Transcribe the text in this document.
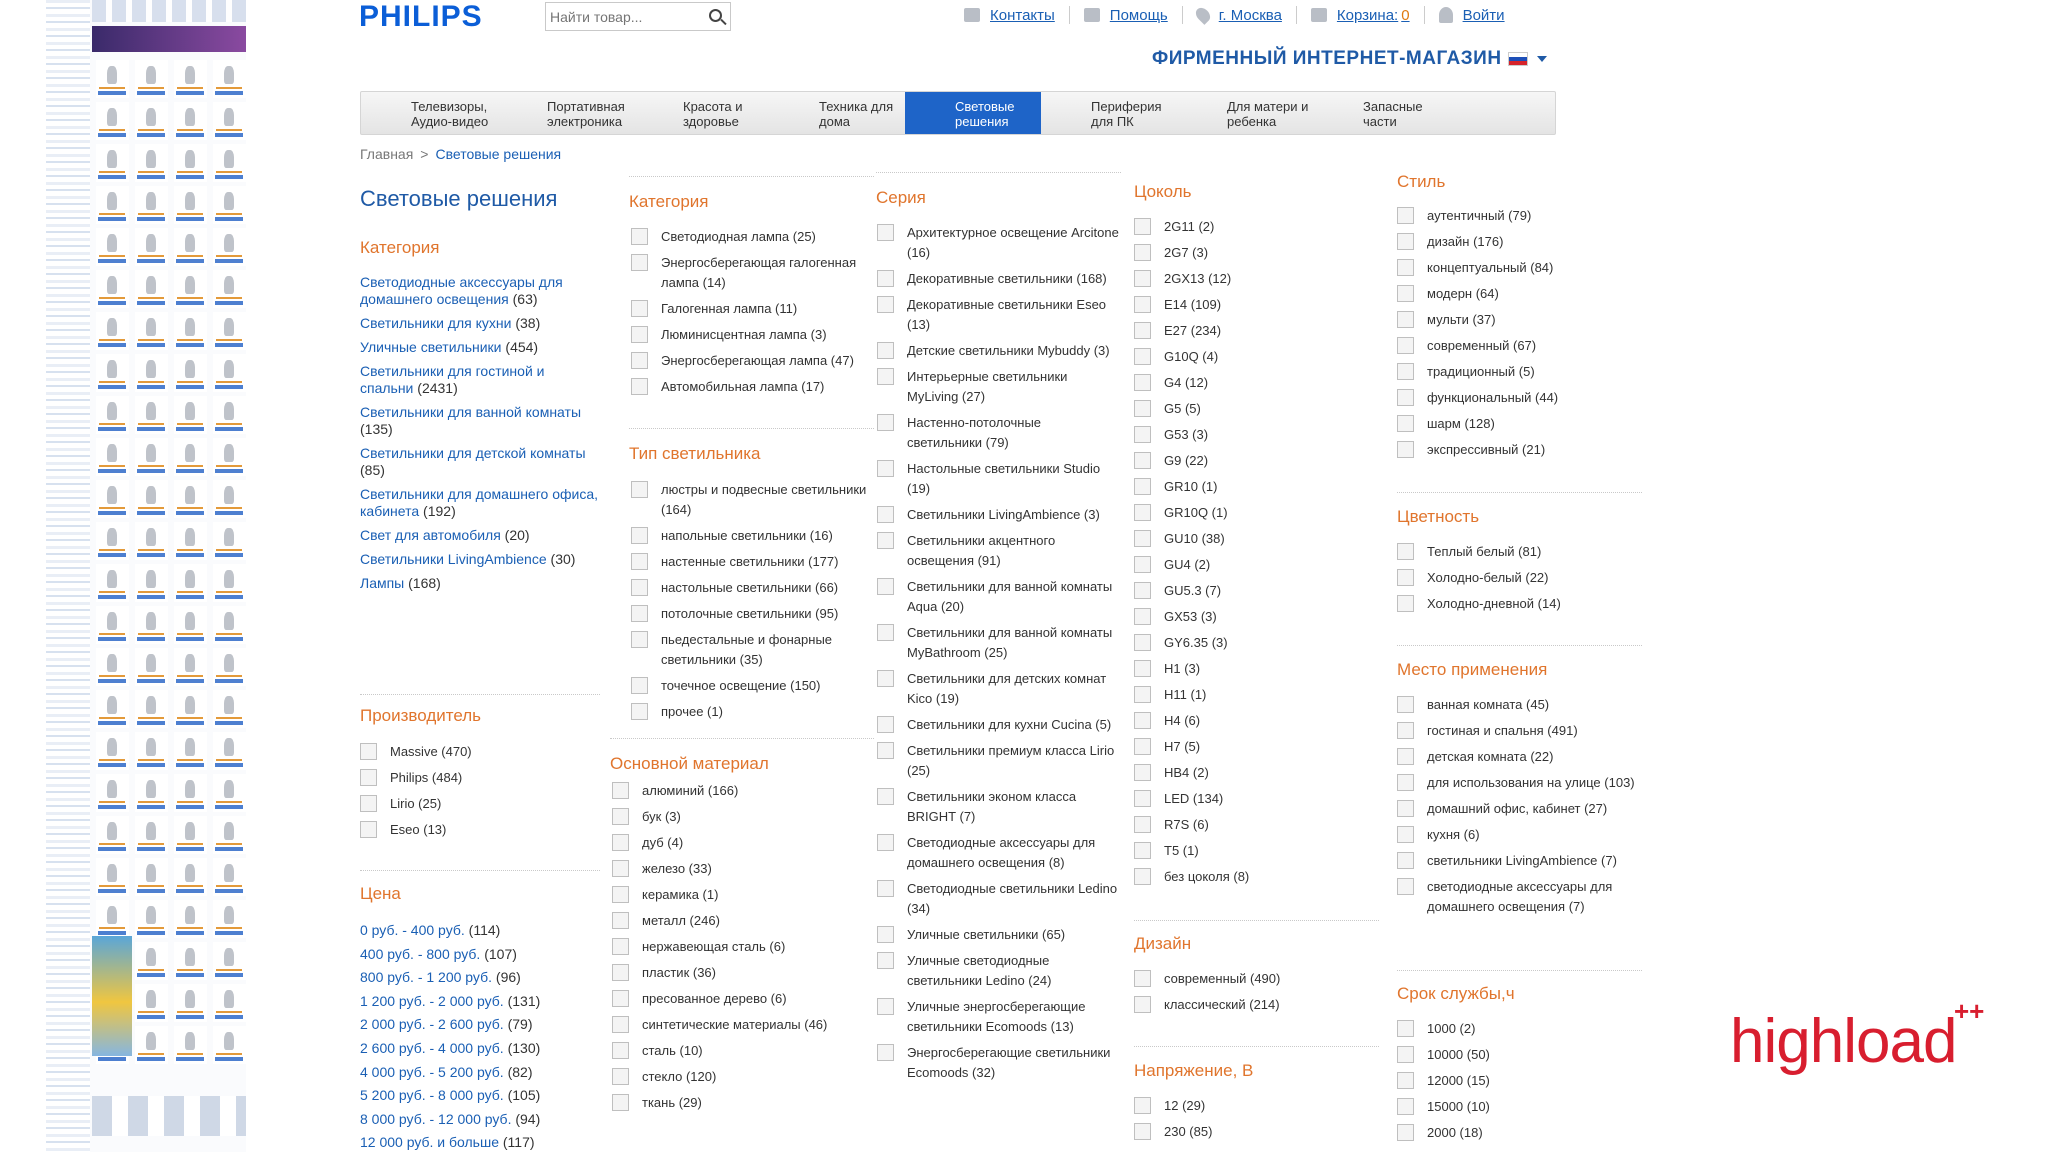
PHILIPS
Найти товар...	Контакты	Помощь	г. Москва	Корзина: 0	Войти
ФИРМЕННЫЙ ИНТЕРНЕТ-МАГАЗИН
Телевизоры,
Аудио-видео
Портативная
электроника
Красота и
здоровье
Техника для
дома
Световые
решения
Периферия
для ПК
Для матери и
ребенка
Запасные
части
Главная > Световые решения
Световые решения
Категория
Светодиодные аксессуары для домашнего освещения (63)
Светильники для кухни (38)
Уличные светильники (454)
Светильники для гостиной и спальни (2431)
Светильники для ванной комнаты (135)
Светильники для детской комнаты (85)
Светильники для домашнего офиса, кабинета (192)
Свет для автомобиля (20)
Светильники LivingAmbience (30)
Лампы (168)
Производитель
Massive (470)
Philips (484)
Lirio (25)
Eseo (13)
Цена
0 руб. - 400 руб. (114)
400 руб. - 800 руб. (107)
800 руб. - 1 200 руб. (96)
1 200 руб. - 2 000 руб. (131)
2 000 руб. - 2 600 руб. (79)
2 600 руб. - 4 000 руб. (130)
4 000 руб. - 5 200 руб. (82)
5 200 руб. - 8 000 руб. (105)
8 000 руб. - 12 000 руб. (94)
12 000 руб. и больше (117)
Категория
Светодиодная лампа (25)
Энергосберегающая галогенная лампа (14)
Галогенная лампа (11)
Люминисцентная лампа (3)
Энергосберегающая лампа (47)
Автомобильная лампа (17)
Тип светильника
люстры и подвесные светильники (164)
напольные светильники (16)
настенные светильники (177)
настольные светильники (66)
потолочные светильники (95)
пьедестальные и фонарные светильники (35)
точечное освещение (150)
прочее (1)
Основной материал
алюминий (166)
бук (3)
дуб (4)
железо (33)
керамика (1)
металл (246)
нержавеющая сталь (6)
пластик (36)
пресованное дерево (6)
синтетические материалы (46)
сталь (10)
стекло (120)
ткань (29)
Серия
Архитектурное освещение Arcitone (16)
Декоративные светильники (168)
Декоративные светильники Eseo (13)
Детские светильники Mybuddy (3)
Интерьерные светильники MyLiving (27)
Настенно-потолочные светильники (79)
Настольные светильники Studio (19)
Светильники LivingAmbience (3)
Светильники акцентного освещения (91)
Светильники для ванной комнаты Aqua (20)
Светильники для ванной комнаты MyBathroom (25)
Светильники для детских комнат Kico (19)
Светильники для кухни Cucina (5)
Светильники премиум класса Lirio (25)
Светильники эконом класса BRIGHT (7)
Светодиодные аксессуары для домашнего освещения (8)
Светодиодные светильники Ledino (34)
Уличные светильники (65)
Уличные светодиодные светильники Ledino (24)
Уличные энергосберегающие светильники Ecomoods (13)
Энергосберегающие светильники Ecomoods (32)
Цоколь
2G11 (2)
2G7 (3)
2GX13 (12)
E14 (109)
E27 (234)
G10Q (4)
G4 (12)
G5 (5)
G53 (3)
G9 (22)
GR10 (1)
GR10Q (1)
GU10 (38)
GU4 (2)
GU5.3 (7)
GX53 (3)
GY6.35 (3)
H1 (3)
H11 (1)
H4 (6)
H7 (5)
HB4 (2)
LED (134)
R7S (6)
T5 (1)
без цоколя (8)
Дизайн
современный (490)
классический (214)
Напряжение, В
12 (29)
230 (85)
Стиль
аутентичный (79)
дизайн (176)
концептуальный (84)
модерн (64)
мульти (37)
современный (67)
традиционный (5)
функциональный (44)
шарм (128)
экспрессивный (21)
Цветность
Теплый белый (81)
Холодно-белый (22)
Холодно-дневной (14)
Место применения
ванная комната (45)
гостиная и спальня (491)
детская комната (22)
для использования на улице (103)
домашний офис, кабинет (27)
кухня (6)
светильники LivingAmbience (7)
светодиодные аксессуары для домашнего освещения (7)
Срок службы,ч
1000 (2)
10000 (50)
12000 (15)
15000 (10)
2000 (18)
highload
++
